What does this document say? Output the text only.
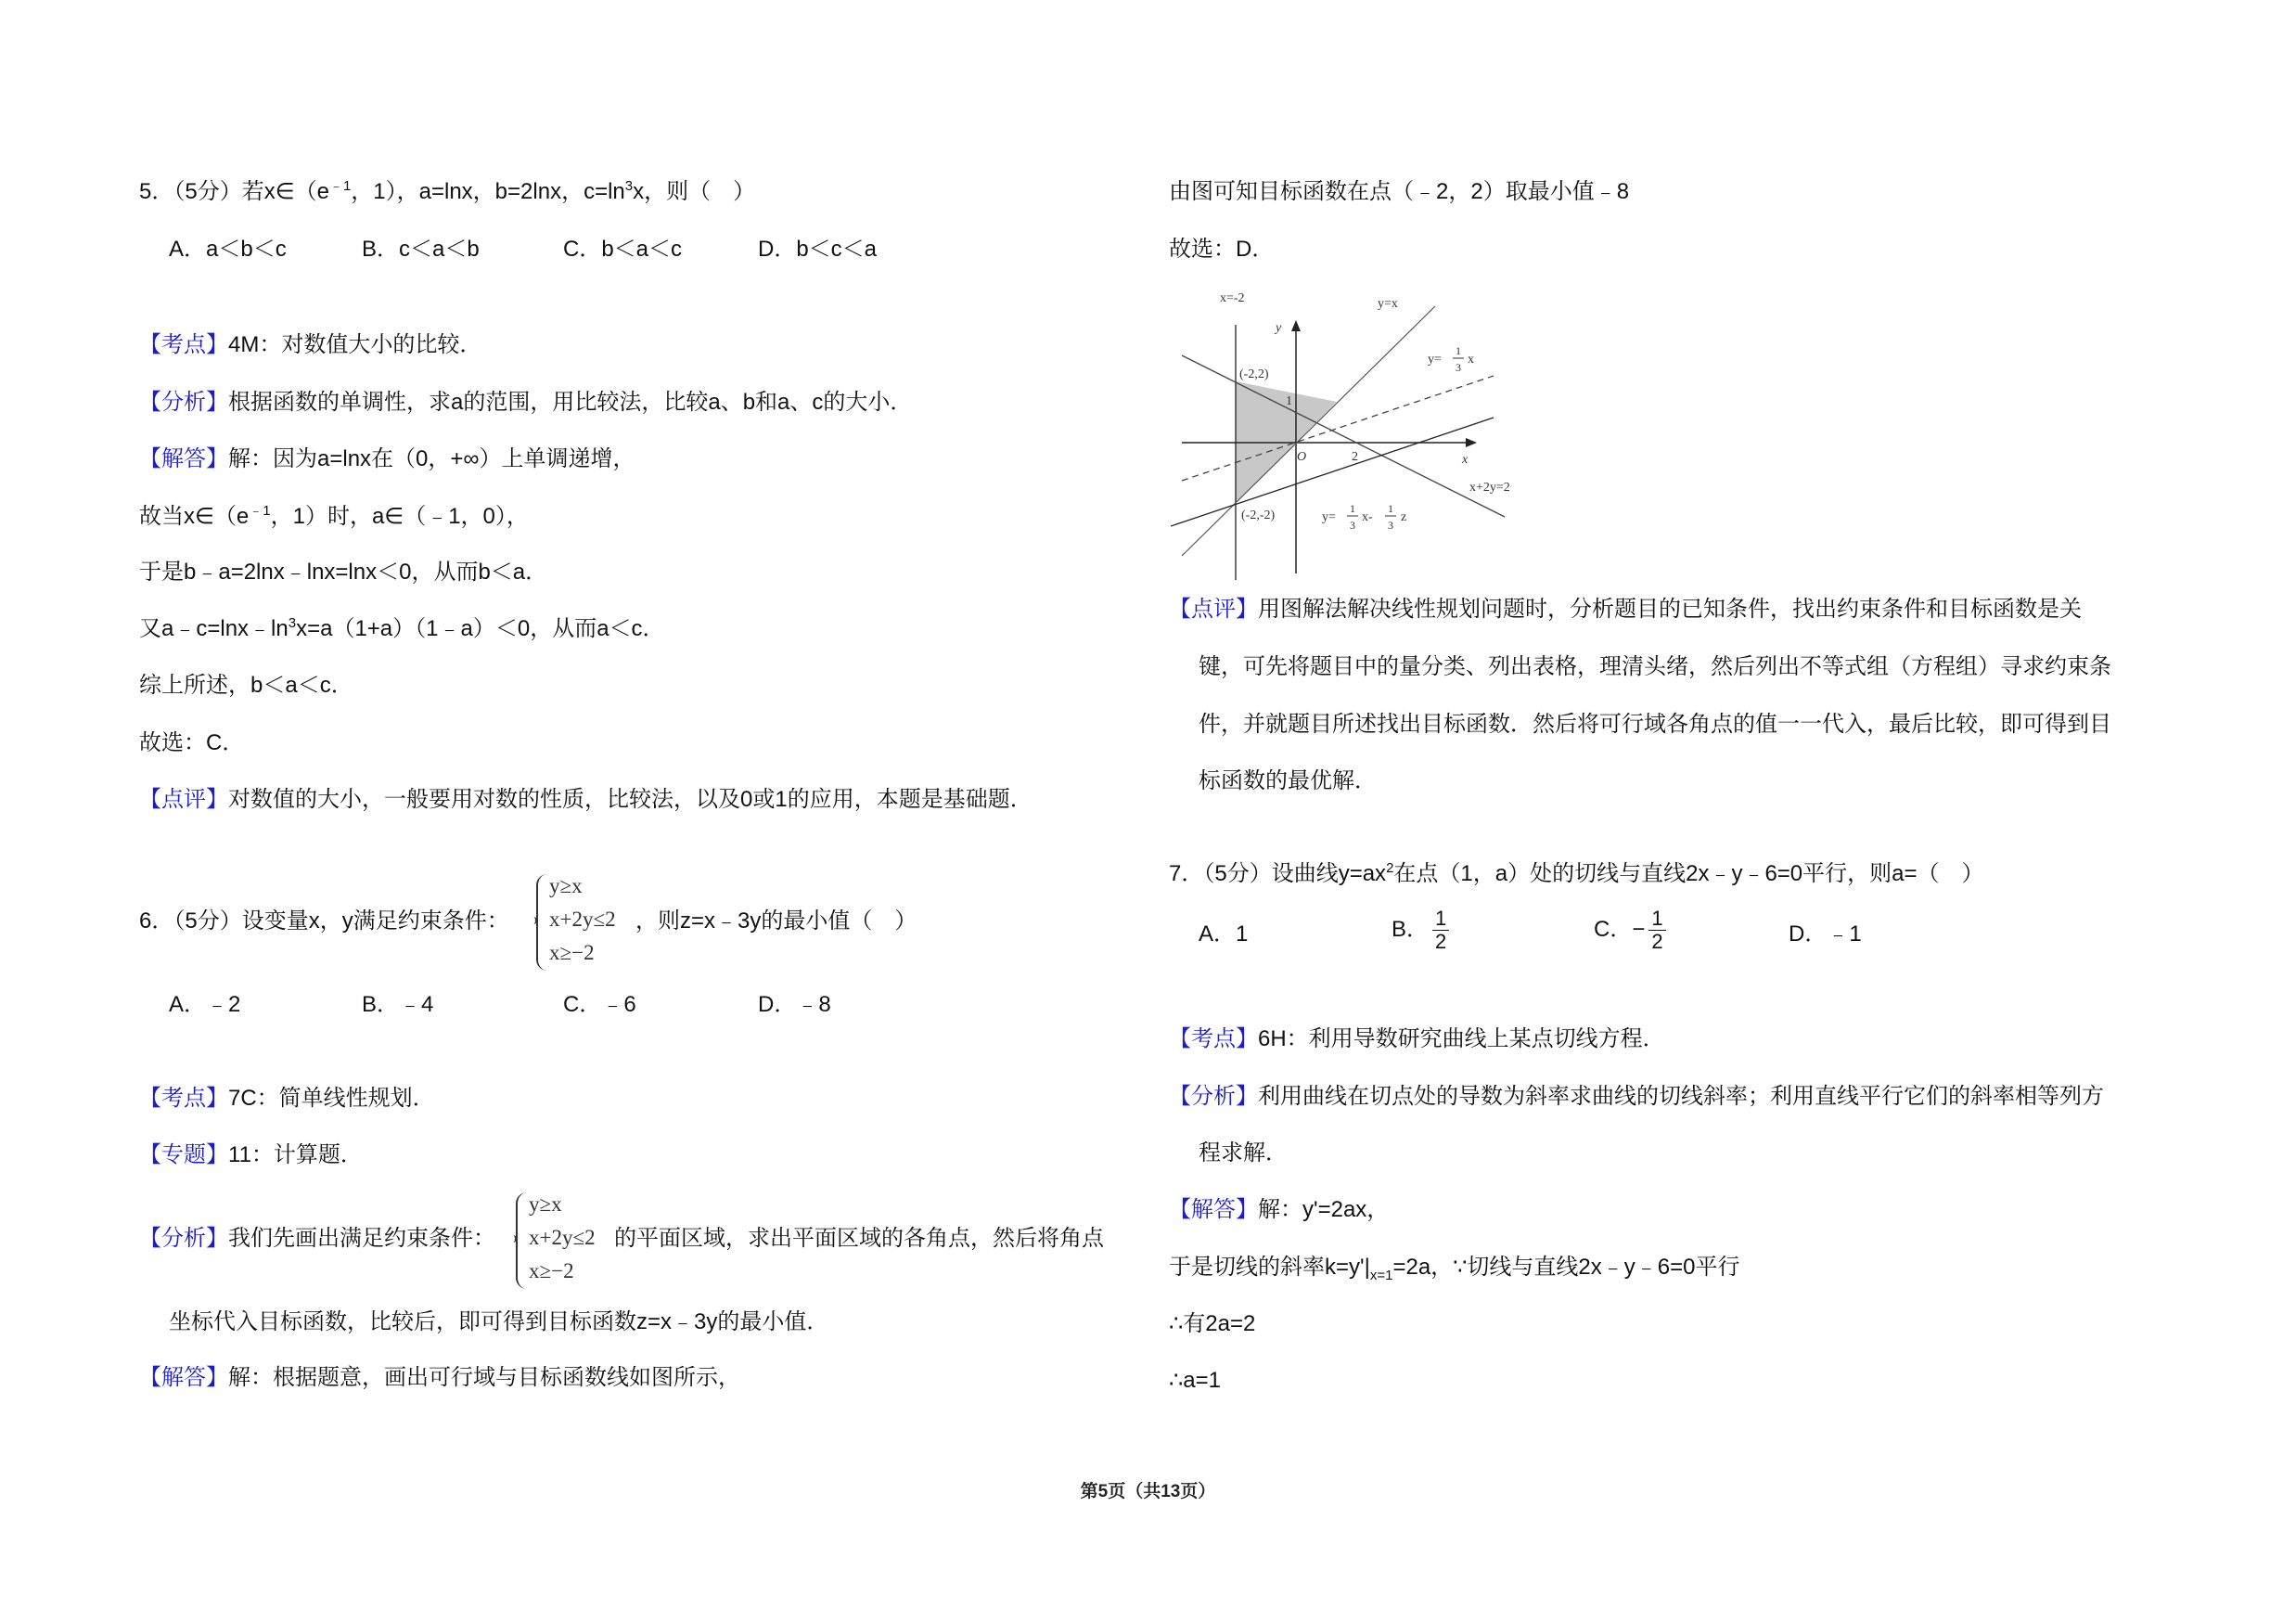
5．（5分）若$x\in(e^{﹣1}$，1），a=lnx，b=2lnx，$c=\ln^3x$，则（　）
A．a＜b＜c	B．c＜a＜b	C．b＜a＜c	D．b＜c＜a
【考点】4M：对数值大小的比较．
【分析】根据函数的单调性，求a的范围，用比较法，比较a、b和a、c的大小．
【解答】解：因为a=lnx在（0，+∞）上单调递增，
故当$x\in(e^{﹣1}$，1）时，a∈（﹣1，0），
于是b﹣a=2lnx﹣lnx=lnx＜0，从而b＜a．
又$a﹣c=\ln x﹣\ln^3x=a(1+a)(1﹣a)<0$，从而a＜c．
综上所述，b＜a＜c．
故选：C．
【点评】对数值的大小，一般要用对数的性质，比较法，以及0或1的应用，本题是基础题．
6．（5分）设变量x，y满足约束条件：
y≥x
x+2y≤2
x≥−2
，则z=x﹣3y的最小值（　）
A．﹣2	B．﹣4	C．﹣6	D．﹣8
【考点】7C：简单线性规划．
【专题】11：计算题．
【分析】我们先画出满足约束条件：
y≥x
x+2y≤2
x≥−2
的平面区域，求出平面区域的各角点，然后将角点
坐标代入目标函数，比较后，即可得到目标函数z=x﹣3y的最小值．
【解答】解：根据题意，画出可行域与目标函数线如图所示，
由图可知目标函数在点（﹣2，2）取最小值﹣8
故选：D．
x=-2	y=x
y
x
O
1
2
(-2,2)
(-2,-2)
x+2y=2
y=
1
3
x
y=
1
3
x-
1
3
z
【点评】用图解法解决线性规划问题时，分析题目的已知条件，找出约束条件和目标函数是关
键，可先将题目中的量分类、列出表格，理清头绪，然后列出不等式组（方程组）寻求约束条
件，并就题目所述找出目标函数．然后将可行域各角点的值一一代入，最后比较，即可得到目
标函数的最优解．
7．（5分）设曲线$y=ax^2$在点（1，a）处的切线与直线2x﹣y﹣6=0平行，则a=（　）
A．1	B． $\frac{1}{2}$	C．− $\frac{1}{2}$	D．﹣1
【考点】6H：利用导数研究曲线上某点切线方程．
【分析】利用曲线在切点处的导数为斜率求曲线的切线斜率；利用直线平行它们的斜率相等列方
程求解．
【解答】解：y'=2ax，
于是切线的斜率$k=y'|_{x=1}=2a$，∵切线与直线2x﹣y﹣6=0平行
∴有2a=2
∴a=1
第5页（共13页）
